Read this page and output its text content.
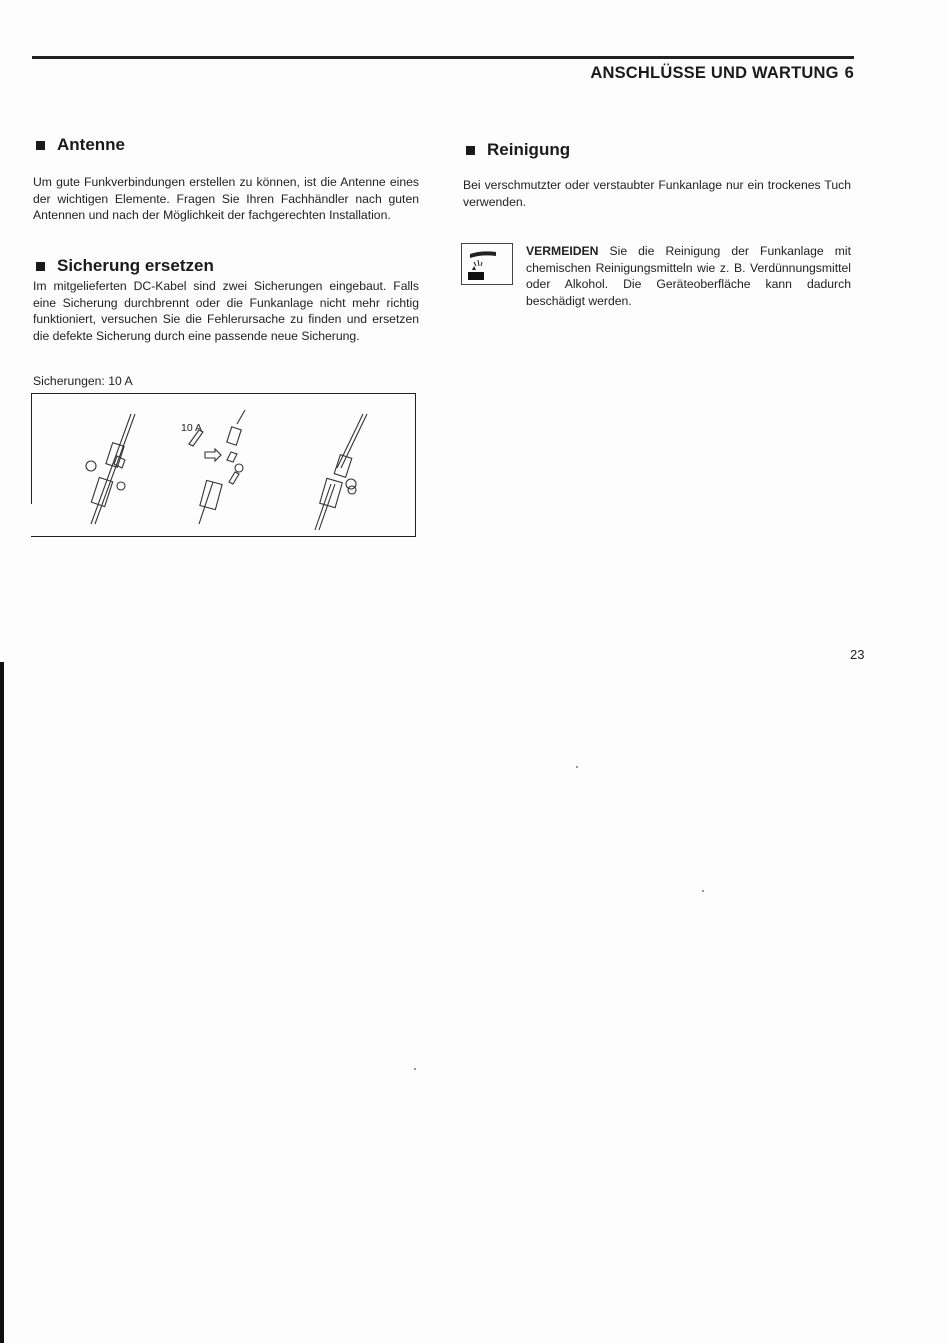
ANSCHLÜSSE UND WARTUNG 6
Antenne
Um gute Funkverbindungen erstellen zu können, ist die Antenne eines der wichtigen Elemente. Fragen Sie Ihren Fachhändler nach guten Antennen und nach der Möglichkeit der fachgerechten Installation.
Sicherung ersetzen
Im mitgelieferten DC-Kabel sind zwei Sicherungen eingebaut. Falls eine Sicherung durchbrennt oder die Funkanlage nicht mehr richtig funktioniert, versuchen Sie die Fehlerursache zu finden und ersetzen die defekte Sicherung durch eine passende neue Sicherung.
Sicherungen: 10 A
10 A
Reinigung
Bei verschmutzter oder verstaubter Funkanlage nur ein trockenes Tuch verwenden.
VERMEIDEN Sie die Reinigung der Funkanlage mit chemischen Reinigungsmitteln wie z. B. Verdünnungsmittel oder Alkohol. Die Geräteoberfläche kann dadurch beschädigt werden.
23
